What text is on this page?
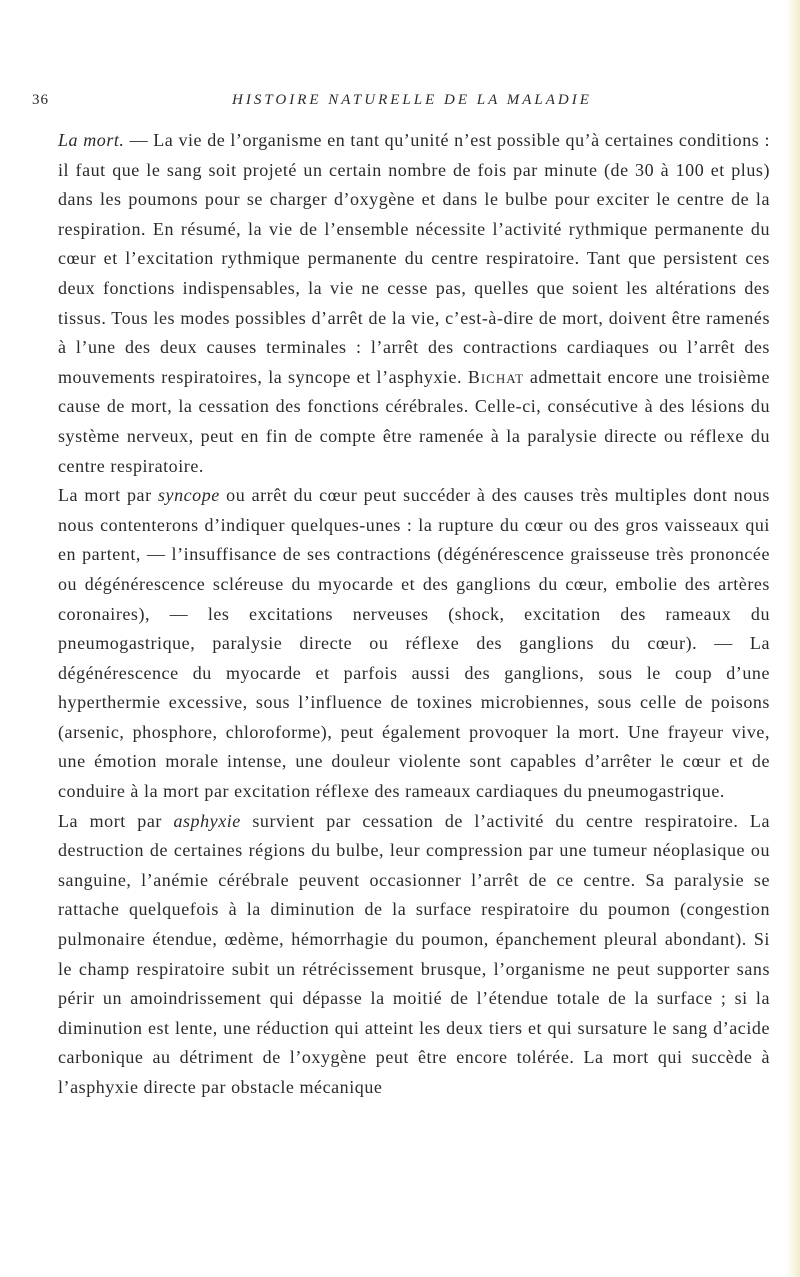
36	HISTOIRE NATURELLE DE LA MALADIE

La mort. — La vie de l’organisme en tant qu’unité n’est possible qu’à certaines conditions : il faut que le sang soit projeté un certain nombre de fois par minute (de 30 à 100 et plus) dans les poumons pour se charger d’oxygène et dans le bulbe pour exciter le centre de la respiration. En résumé, la vie de l’ensemble nécessite l’activité rythmique permanente du cœur et l’excitation rythmique permanente du centre respiratoire. Tant que persistent ces deux fonctions indispensables, la vie ne cesse pas, quelles que soient les altérations des tissus. Tous les modes possibles d’arrêt de la vie, c’est-à-dire de mort, doivent être ramenés à l’une des deux causes terminales : l’arrêt des contractions cardiaques ou l’arrêt des mouvements respiratoires, la syncope et l’asphyxie. Bichat admettait encore une troisième cause de mort, la cessation des fonctions cérébrales. Celle-ci, consécutive à des lésions du système nerveux, peut en fin de compte être ramenée à la paralysie directe ou réflexe du centre respiratoire.

La mort par syncope ou arrêt du cœur peut succéder à des causes très multiples dont nous nous contenterons d’indiquer quelques-unes : la rupture du cœur ou des gros vaisseaux qui en partent, — l’insuffisance de ses contractions (dégénérescence graisseuse très prononcée ou dégénérescence scléreuse du myocarde et des ganglions du cœur, embolie des artères coronaires), — les excitations nerveuses (shock, excitation des rameaux du pneumogastrique, paralysie directe ou réflexe des ganglions du cœur). — La dégénérescence du myocarde et parfois aussi des ganglions, sous le coup d’une hyperthermie excessive, sous l’influence de toxines microbiennes, sous celle de poisons (arsenic, phosphore, chloroforme), peut également provoquer la mort. Une frayeur vive, une émotion morale intense, une douleur violente sont capables d’arrêter le cœur et de conduire à la mort par excitation réflexe des rameaux cardiaques du pneumogastrique.

La mort par asphyxie survient par cessation de l’activité du centre respiratoire. La destruction de certaines régions du bulbe, leur compression par une tumeur néoplasique ou sanguine, l’anémie cérébrale peuvent occasionner l’arrêt de ce centre. Sa paralysie se rattache quelquefois à la diminution de la surface respiratoire du poumon (congestion pulmonaire étendue, œdème, hémorrhagie du poumon, épanchement pleural abondant). Si le champ respiratoire subit un rétrécissement brusque, l’organisme ne peut supporter sans périr un amoindrissement qui dépasse la moitié de l’étendue totale de la surface ; si la diminution est lente, une réduction qui atteint les deux tiers et qui sursature le sang d’acide carbonique au détriment de l’oxygène peut être encore tolérée. La mort qui succède à l’asphyxie directe par obstacle mécanique
